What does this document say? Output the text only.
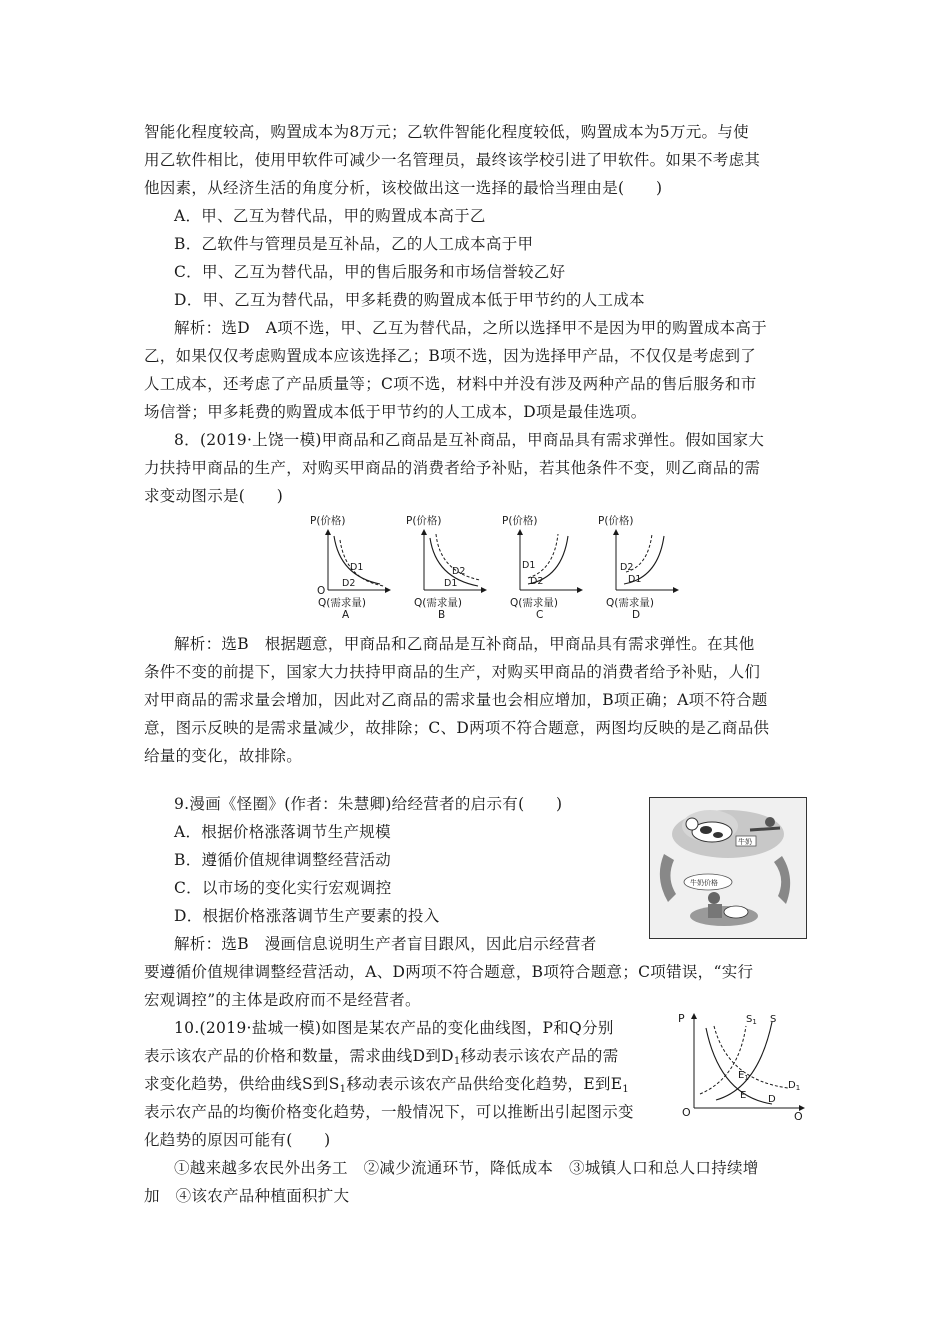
智能化程度较高，购置成本为8万元；乙软件智能化程度较低，购置成本为5万元。与使
用乙软件相比，使用甲软件可减少一名管理员，最终该学校引进了甲软件。如果不考虑其
他因素，从经济生活的角度分析，该校做出这一选择的最恰当理由是(　　)
A．甲、乙互为替代品，甲的购置成本高于乙
B．乙软件与管理员是互补品，乙的人工成本高于甲
C．甲、乙互为替代品，甲的售后服务和市场信誉较乙好
D．甲、乙互为替代品，甲多耗费的购置成本低于甲节约的人工成本
解析：选D　A项不选，甲、乙互为替代品，之所以选择甲不是因为甲的购置成本高于
乙，如果仅仅考虑购置成本应该选择乙；B项不选，因为选择甲产品，不仅仅是考虑到了
人工成本，还考虑了产品质量等；C项不选，材料中并没有涉及两种产品的售后服务和市
场信誉；甲多耗费的购置成本低于甲节约的人工成本，D项是最佳选项。
8．(2019·上饶一模)甲商品和乙商品是互补商品，甲商品具有需求弹性。假如国家大
力扶持甲商品的生产，对购买甲商品的消费者给予补贴，若其他条件不变，则乙商品的需
求变动图示是(　　)
P(价格)
O
D1
D2
Q(需求量)
A
P(价格)
D2
D1
Q(需求量)
B
P(价格)
D1
D2
Q(需求量)
C
P(价格)
D2
D1
Q(需求量)
D
解析：选B　根据题意，甲商品和乙商品是互补商品，甲商品具有需求弹性。在其他
条件不变的前提下，国家大力扶持甲商品的生产，对购买甲商品的消费者给予补贴，人们
对甲商品的需求量会增加，因此对乙商品的需求量也会相应增加，B项正确；A项不符合题
意，图示反映的是需求量减少，故排除；C、D两项不符合题意，两图均反映的是乙商品供
给量的变化，故排除。
9.漫画《怪圈》(作者：朱慧卿)给经营者的启示有(　　)
A．根据价格涨落调节生产规模
B．遵循价值规律调整经营活动
C．以市场的变化实行宏观调控
D．根据价格涨落调节生产要素的投入
解析：选B　漫画信息说明生产者盲目跟风，因此启示经营者
要遵循价值规律调整经营活动，A、D两项不符合题意，B项符合题意；C项错误，“实行
宏观调控”的主体是政府而不是经营者。
牛奶
牛奶价格
10.(2019·盐城一模)如图是某农产品的变化曲线图，P和Q分别
表示该农产品的价格和数量，需求曲线D到$D_1$移动表示该农产品的需
求变化趋势，供给曲线S到$S_1$移动表示该农产品供给变化趋势，E到$E_1$
表示农产品的均衡价格变化趋势，一般情况下，可以推断出引起图示变
化趋势的原因可能有(　　)
P
Q
O
$S_1$ S
$E_1$
E
$D_1$
D
①越来越多农民外出务工　②减少流通环节，降低成本　③城镇人口和总人口持续增
加　④该农产品种植面积扩大
